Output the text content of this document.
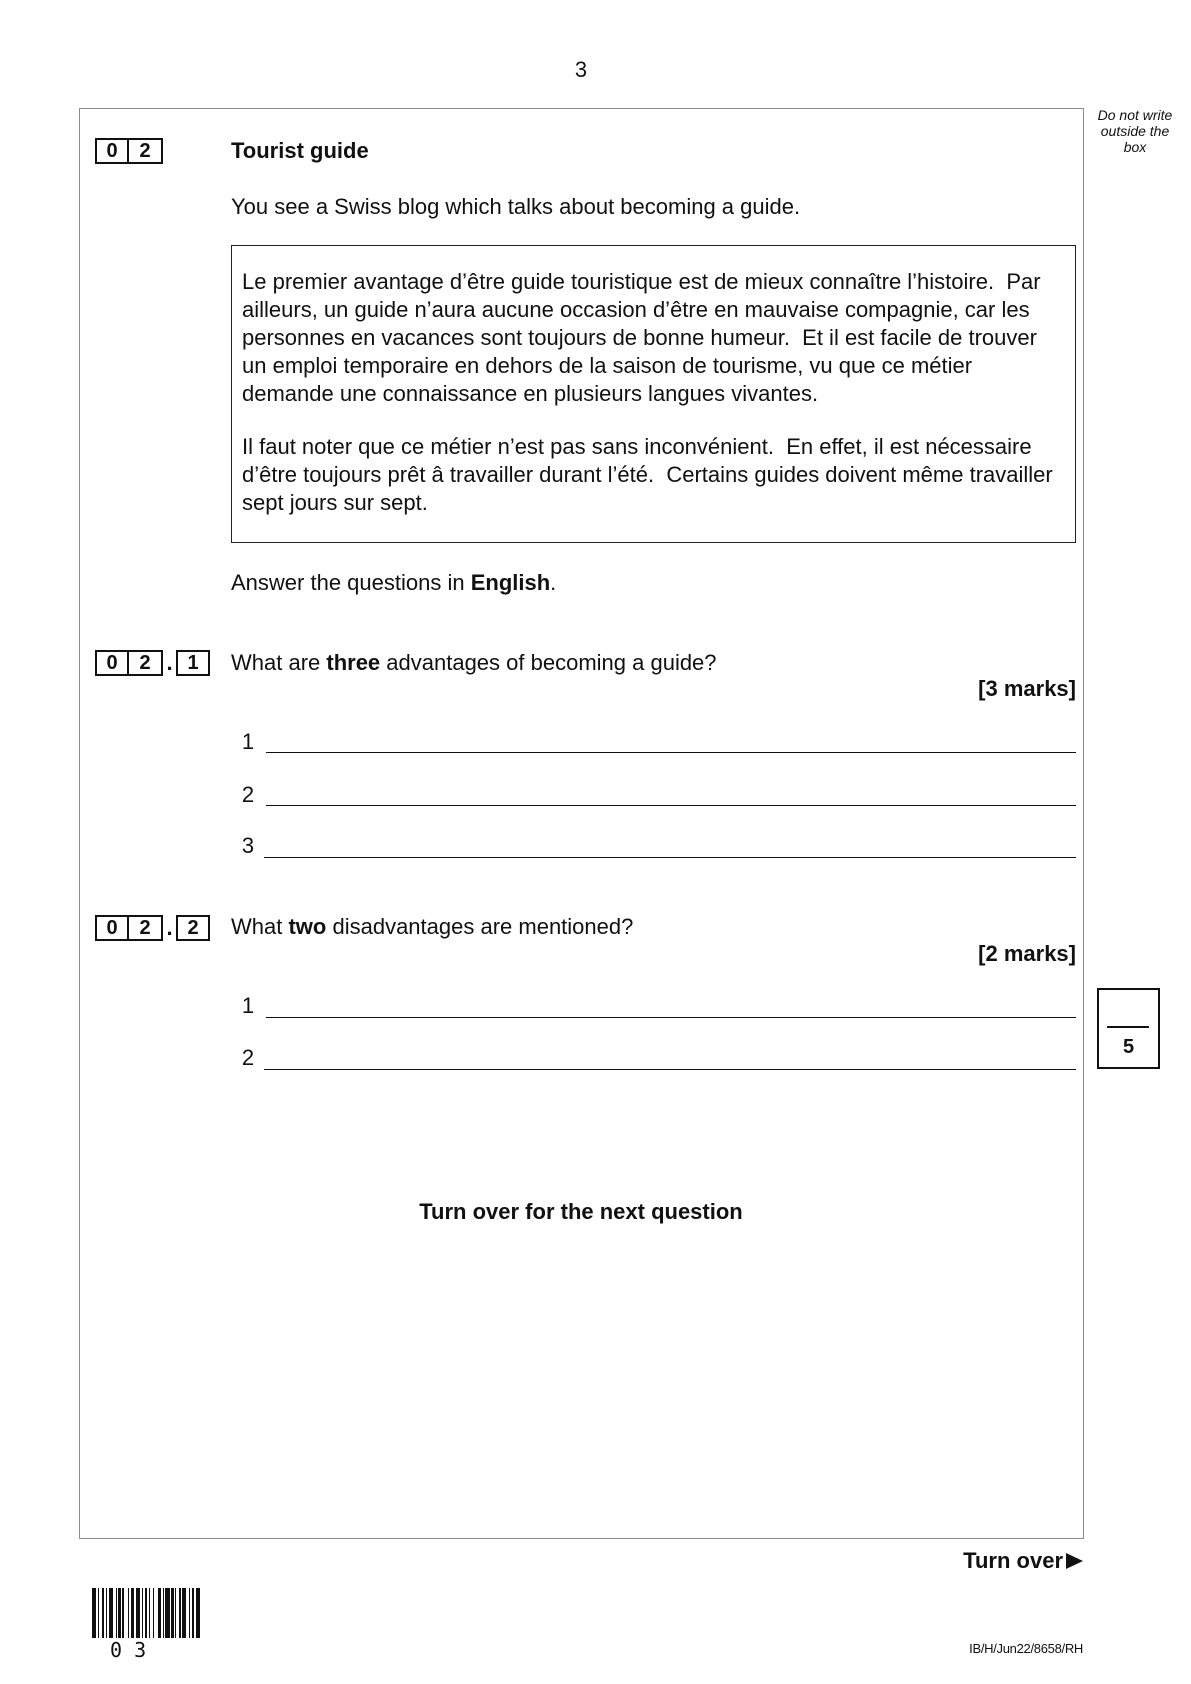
3
Do not write
outside the
box
0	2	Tourist guide
You see a Swiss blog which talks about becoming a guide.
Le premier avantage d’être guide touristique est de mieux connaître l’histoire.  Par
ailleurs, un guide n’aura aucune occasion d’être en mauvaise compagnie, car les
personnes en vacances sont toujours de bonne humeur.  Et il est facile de trouver
un emploi temporaire en dehors de la saison de tourisme, vu que ce métier
demande une connaissance en plusieurs langues vivantes.
Il faut noter que ce métier n’est pas sans inconvénient.  En effet, il est nécessaire
d’être toujours prêt â travailler durant l’été.  Certains guides doivent même travailler
sept jours sur sept.
Answer the questions in English.
0	2 . 1	What are three advantages of becoming a guide?
[3 marks]
1
2
3
0	2 . 2	What two disadvantages are mentioned?
[2 marks]
1
2	5
Turn over for the next question
Turn over
0 3	IB/H/Jun22/8658/RH
